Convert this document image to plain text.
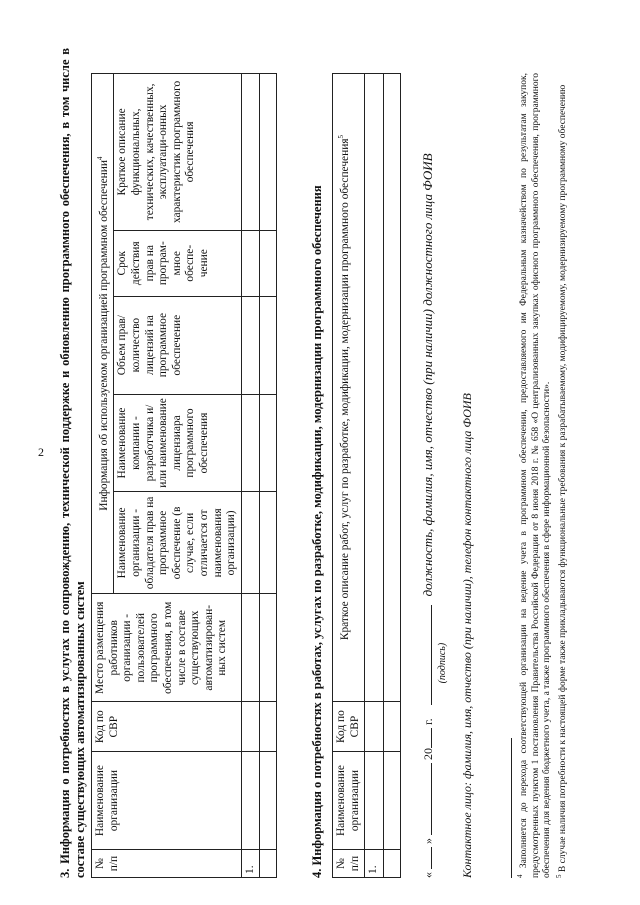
2 3. Информация о потребностях в услугах по сопровождению, технической поддержке и обновлению программного обеспечения, в том числе в составе существующих автоматизированных систем № п/п	Наименование организации	Код по СВР	Место размещения работников организации - пользователей программного обеспечения, в том числе в составе существующих автоматизирован-ных систем	Информация об используемом организацией программном обеспечении$^4$
				Наименование организации - обладателя прав на программное обеспечение (в случае, если отличается от наименования организации)	Наименование компании - разработчика и/или наименование лицензиара программного обеспечения	Объем прав/ количество лицензий на программное обеспечение	Срок действия прав на програм-мное обеспе-чение	Краткое описание функциональных, технических, качественных, эксплуатаци-онных характеристик программного обеспечения
1.								
									4. Информация о потребностях в работах, услугах по разработке, модификации, модернизации программного обеспечения № п/п	Наименование организации	Код по СВР	Краткое описание работ, услуг по разработке, модификации, модернизации программного обеспечения$^5$
1.			

«  »  20 г.
(подпись)
должность, фамилия, имя, отчество (при наличии) должностного лица ФОИВ
Контактное лицо: фамилия, имя, отчество (при наличии), телефон контактного лица ФОИВ	$^4$ Заполняется до перехода соответствующей организации на ведение учета в программном обеспечении, предоставляемого им Федеральным казначейством по результатам закупок, предусмотренных пунктом 1 постановления Правительства Российской Федерации от 8 июня 2018 г. № 658 «О централизованных закупках офисного программного обеспечения, программного обеспечения для ведения бюджетного учета, а также программного обеспечения в сфере информационной безопасности». $^5$ В случае наличия потребности к настоящей форме также прикладываются функциональные требования к разрабатываемому, модифицируемому, модернизируемому программному обеспечению
